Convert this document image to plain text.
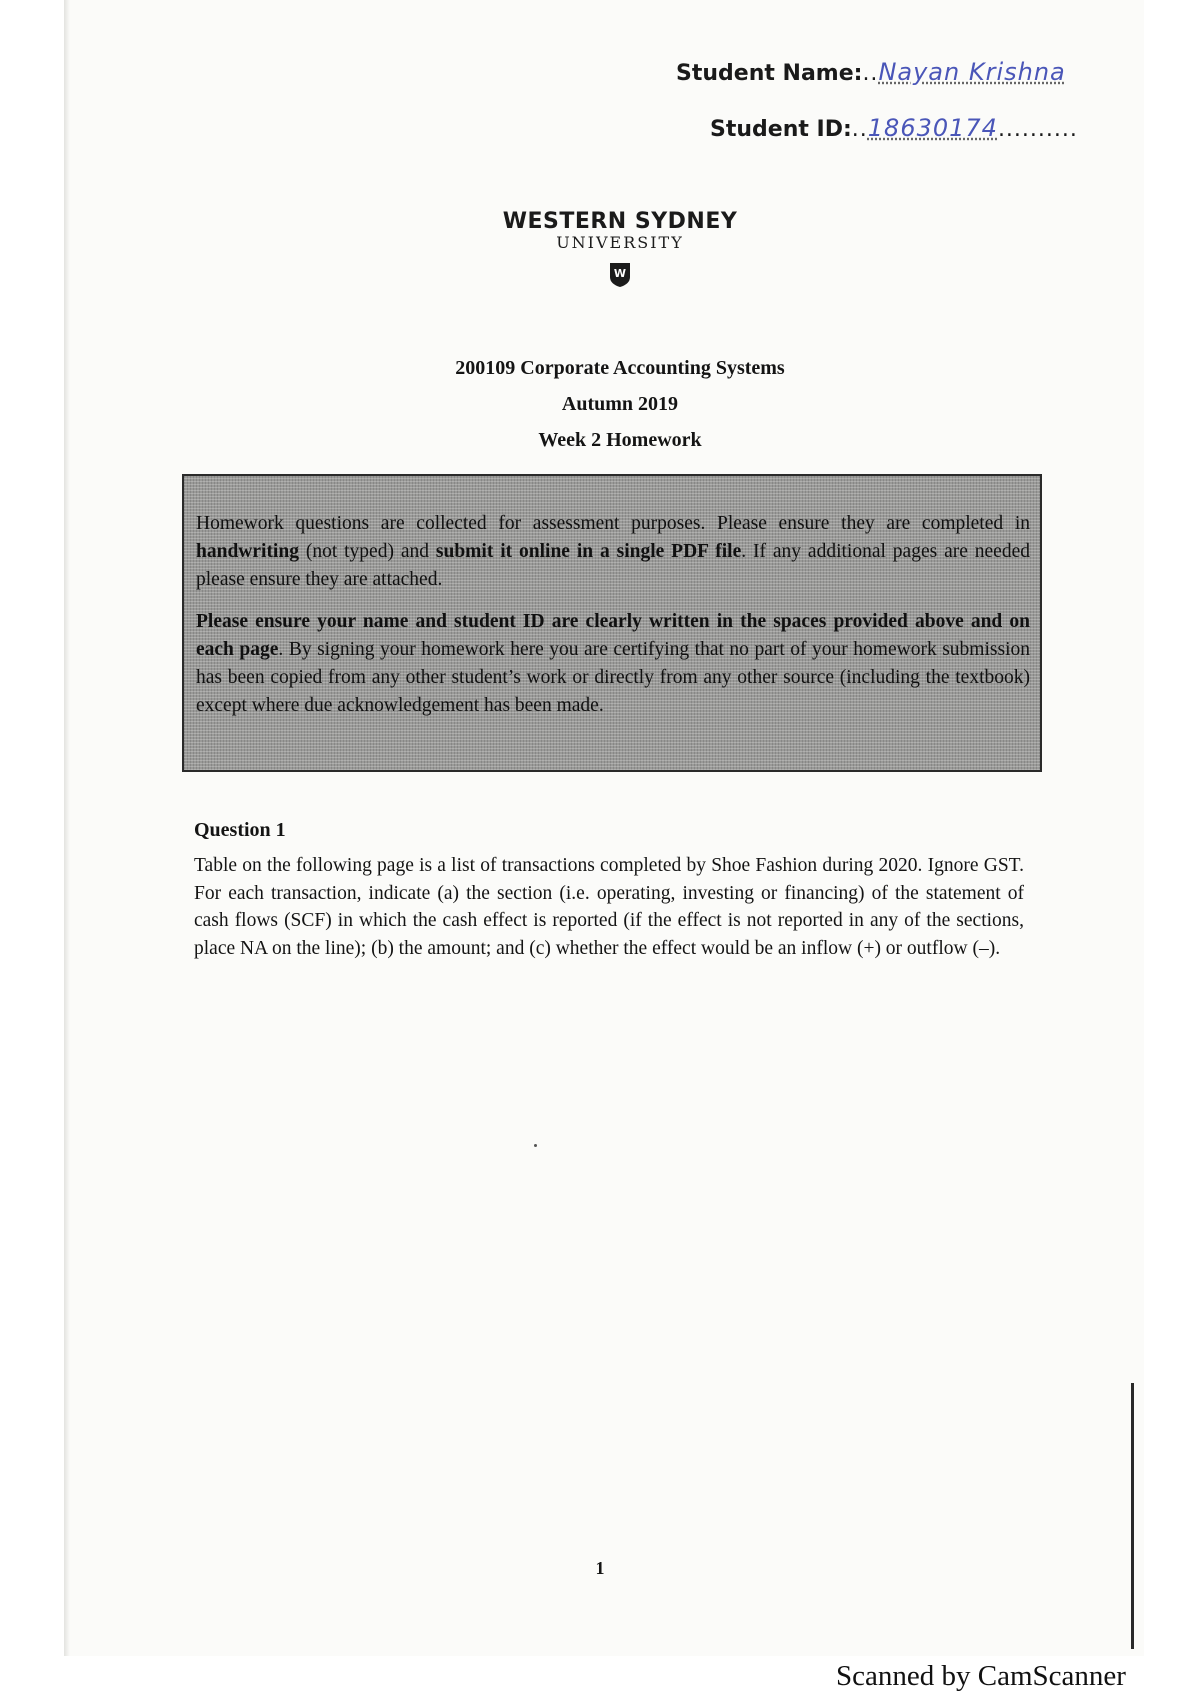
Student Name:..Nayan Krishna
Student ID:..18630174..........
WESTERN SYDNEY
UNIVERSITY
W
200109 Corporate Accounting Systems
Autumn 2019
Week 2 Homework

Homework questions are collected for assessment purposes. Please ensure they are completed in handwriting (not typed) and submit it online in a single PDF file. If any additional pages are needed please ensure they are attached.

Please ensure your name and student ID are clearly written in the spaces provided above and on each page. By signing your homework here you are certifying that no part of your homework submission has been copied from any other student’s work or directly from any other source (including the textbook) except where due acknowledgement has been made.

Question 1
Table on the following page is a list of transactions completed by Shoe Fashion during 2020. Ignore GST. For each transaction, indicate (a) the section (i.e. operating, investing or financing) of the statement of cash flows (SCF) in which the cash effect is reported (if the effect is not reported in any of the sections, place NA on the line); (b) the amount; and (c) whether the effect would be an inflow (+) or outflow (–).
1
Scanned by CamScanner
